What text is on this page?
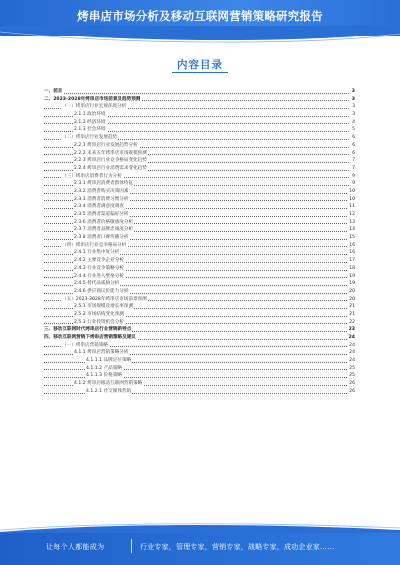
烤串店市场分析及移动互联网营销策略研究报告
内容目录
一、前言	3
二、2023-2028年烤串店市场前景及趋势预测	3
（一）烤串店行业宏观环境分析	3
2.1.1 政治环境	3
2.1.2 经济环境	4
2.1.3 社会环境	5
（二）烤串店行业发展趋势	6
2.2.1 烤串店行业发展趋势分析	6
2.2.2 未来五年烤串店市场规模预测	6
2.2.3 烤串店行业竞争格局变化趋势	7
2.2.4 烤串店行业消费需求变化趋势	7
（三）烤串店消费者行为分析	9
2.3.1 烤串店消费者群体特征	9
2.3.2 消费者购买决策因素	10
2.3.3 消费者消费习惯分析	10
2.3.4 消费者满意度调查	11
2.3.5 消费者渠道偏好分析	12
2.3.6 消费者价格敏感度分析	13
2.3.7 消费者品牌忠诚度分析	14
2.3.8 消费者口碑传播分析	15
（四）烤串店行业竞争格局分析	16
2.4.1 行业集中度分析	16
2.4.2 主要竞争企业分析	17
2.4.3 行业竞争策略分析	18
2.4.4 行业进入壁垒分析	19
2.4.5 替代品威胁分析	19
2.4.6 供应商议价能力分析	20
（五）2023-2028年烤串店市场前景预测	20
2.5.1 市场规模及增长率预测	21
2.5.2 市场结构变化预测	21
2.5.3 行业投资机会分析	22
三、移动互联网时代烤串店行业营销新特点	23
四、移动互联网营销下烤串店营销策略及建议	24
（一）烤串店营销策略	24
4.1.1 烤串店营销策略分析	24
4.1.1.1 品牌定位策略	24
4.1.1.2 产品策略	25
4.1.1.3 价格策略	25
4.1.2 烤串店移动互联网营销策略	26
4.1.2.1 社交媒体营销	26
让每个人都能成为	行业专家，管理专家，营销专家，战略专家，成功企业家……
